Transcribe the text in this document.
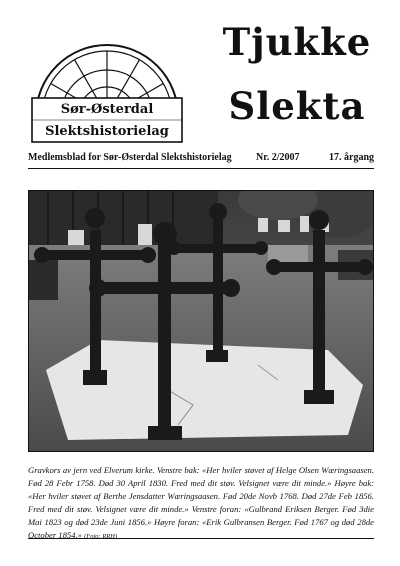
Sør-Østerdal
Slektshistorielag
Tjukke
Slekta
Medlemsblad for Sør-Østerdal Slektshistorielag Nr. 2/2007	17. årgang
Gravkors av jern ved Elverum kirke. Venstre bak: «Her hviler støvet af Helge Olsen Wæringsaasen. Fød 28 Febr 1758. Død 30 April 1830. Fred med dit støv. Velsignet være dit minde.» Høyre bak: «Her hviler støvet af Berthe Jensdatter Wæringsaasen. Fød 20de Novb 1768. Død 27de Feb 1856. Fred med dit støv. Velsignet være dit minde.» Venstre foran: «Gulbrand Eriksen Berger. Fød 3die Mai 1823 og død 23de Juni 1856.» Høyre foran: «Erik Gulbransen Berger. Fød 1767 og død 28de October 1854.» (Foto: RRH)
